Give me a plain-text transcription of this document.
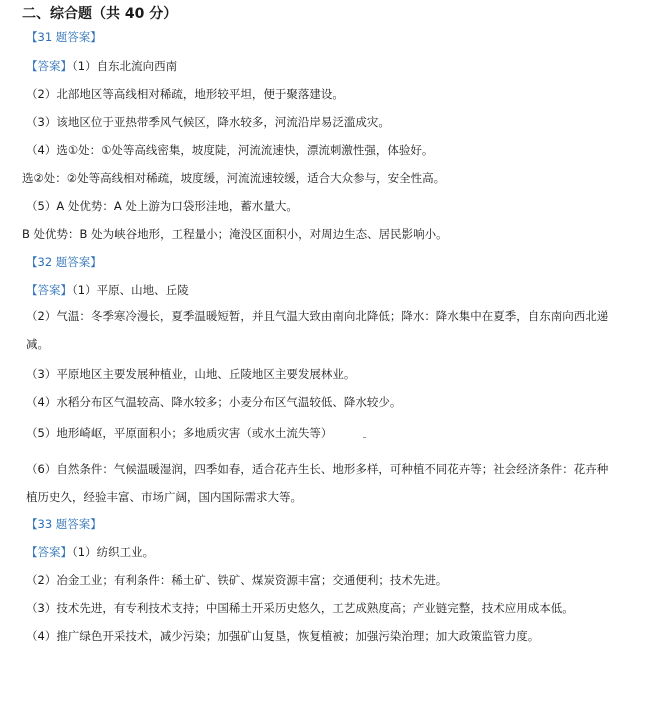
二、综合题（共 40 分）
【31 题答案】
【答案】（1）自东北流向西南
（2）北部地区等高线相对稀疏，地形较平坦，便于聚落建设。
（3）该地区位于亚热带季风气候区，降水较多，河流沿岸易泛滥成灾。
（4）选①处：①处等高线密集，坡度陡，河流流速快，漂流刺激性强，体验好。
选②处：②处等高线相对稀疏，坡度缓，河流流速较缓，适合大众参与，安全性高。
（5）A 处优势：A 处上游为口袋形洼地，蓄水量大。
B 处优势：B 处为峡谷地形，工程量小；淹没区面积小，对周边生态、居民影响小。
【32 题答案】
【答案】（1）平原、山地、丘陵
（2）气温：冬季寒冷漫长，夏季温暖短暂，并且气温大致由南向北降低；降水：降水集中在夏季，自东南向西北递减。
（3）平原地区主要发展种植业，山地、丘陵地区主要发展林业。
（4）水稻分布区气温较高、降水较多；小麦分布区气温较低、降水较少。
（5）地形崎岖，平原面积小；多地质灾害（或水土流失等）
（6）自然条件：气候温暖湿润，四季如春，适合花卉生长、地形多样，可种植不同花卉等；社会经济条件：花卉种植历史久，经验丰富、市场广阔，国内国际需求大等。
【33 题答案】
【答案】（1）纺织工业。
（2）冶金工业；有利条件：稀土矿、铁矿、煤炭资源丰富；交通便利；技术先进。
（3）技术先进，有专利技术支持；中国稀土开采历史悠久，工艺成熟度高；产业链完整，技术应用成本低。
（4）推广绿色开采技术，减少污染；加强矿山复垦，恢复植被；加强污染治理；加大政策监管力度。
